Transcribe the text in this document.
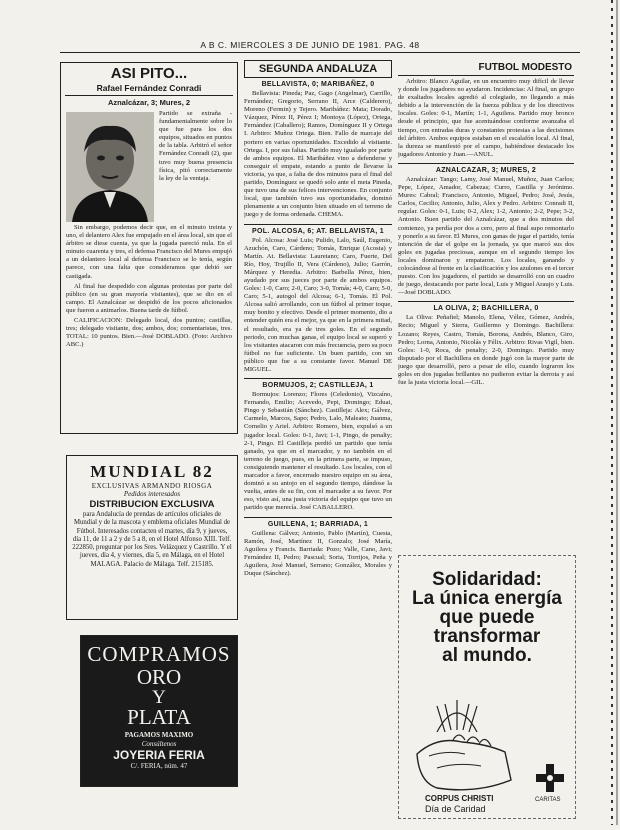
A B C. MIERCOLES 3 DE JUNIO DE 1981. PAG. 48
ASI PITO...
Rafael Fernández Conradi
Aznalcázar, 3; Mures, 2
Partido se extraña fundamentalmente sobre lo que fue para los dos equipos, situados en puntos de la tabla. Arbitró el señor Fernández Conradi (2), que tuvo muy buena presencia física, pitó correctamente la ley de la ventaja.

Sin embargo, podemos decir que, en el minuto treinta y uno, el delantero Alex fue empujado en el área local, sin que el árbitro se diese cuenta, ya que la jugada pareció nula. En el minuto cuarenta y tres, el defensa Francisco del Mures empujó a un delantero local al defensa Francisco se lo tenía, según parece, con una falta que consideramos que debió ser castigada.

Al final fue despedido con algunas protestas por parte del público (en su gran mayoría visitantes), que se dio en el campo. El Aznalcázar se despidió de los pocos aficionados que fueron a animarlos. Buena tarde de fútbol.

CALIFICACION: Delegado local, dos puntos; castillas, tres; delegado visitante, dos; ambos, dos; comentaristas, tres. TOTAL: 10 puntos. Bien.—José DOBLADO. (Foto: Archivo ABC.)

MUNDIAL 82
EXCLUSIVAS ARMANDO RIOSGA
Pedidos interesados
DISTRIBUCION EXCLUSIVA
para Andalucía de prendas de artículos oficiales de Mundial y de la mascota y emblema oficiales Mundial de Fútbol. Interesados contacten el martes, día 9, y jueves, día 11, de 11 a 2 y de 5 a 8, en el Hotel Alfonso XIII. Telf. 222850, preguntar por los Sres. Velázquez y Castrillo. Y el jueves, día 4, y viernes, día 5, en Málaga, en el Hotel MALAGA. Palacio de Málaga. Telf. 215185.
COMPRAMOS
ORO
Y
PLATA
PAGAMOS MAXIMO
Consúltenos
JOYERIA FERIA
C/. FERIA, núm. 47
SEGUNDA ANDALUZA
BELLAVISTA, 0; MARIBAÑEZ, 0

Bellavista: Pineda; Paz, Gago (Angelmar), Carrillo, Fernández; Gregorio, Serrano II, Arce (Calderero), Moreno (Fermin) y Tejero. Maribáñez: Mata; Dorado, Vázquez, Pérez II, Pérez I; Montoya (López), Ortega, Fernández (Caballero); Ramos, Domínguez II y Ortega I. Arbitro: Muñoz Ortega. Bien. Fallo de marcaje del portero en varias oportunidades. Excedido al visitante. Ortega. I, por sus faltas. Partido muy igualado por parte de ambos equipos. El Maribáñez vino a defenderse y conseguir el empate, estando a punto de llevarse la victoria, ya que, a falta de dos minutos para el final del partido, Domínguez se quedó solo ante el meta Pineda, que tuvo una de sus felices intervenciones. En conjunto local, que también tuvo sus oportunidades, dominó plenamente a un conjunto bien situado en el terreno de juego y de forma ordenada. CHEMA.

POL. ALCOSA, 6; AT. BELLAVISTA, 1

Pol. Alcosa: José Luis; Pulido, Lalo, Saúl, Eugenio, Azuchón, Caro, Cárdeno; Tomás, Enrique (Acosta) y Martín. At. Bellavista: Lauretano; Caro, Fuerte, Del Río, Hoy, Trujillo II, Vera (Cárdeno), Julio; Garrón, Márquez y Heredia. Arbitro: Barbella Pérez, bien, ayudado por sus jueces por parte de ambos equipos. Goles: 1-0, Caro; 2-0, Caro; 3-0, Tomás; 4-0, Caro; 5-0, Caro; 5-1, autogol del Alcosa; 6-1, Tomás. El Pol. Alcosa salió arrollando, con un fútbol al primer toque, muy bonito y efectivo. Desde el primer momento, dio a entender quién era el mejor, ya que en la primera mitad, el resultado, era ya de tres goles. En el segundo periodo, con muchas ganas, el equipo local se superó y los visitantes atacaron con más frecuencia, pero su poco fútbol no fue suficiente. Un buen partido, con un público que fue a su constante favor. Manuel DE MIGUEL.

BORMUJOS, 2; CASTILLEJA, 1

Bormujos: Lorenzo; Flores (Celedonio), Vizcaíno, Fernando, Emilio; Acevedo, Pepi, Domingo; Eduai, Pingo y Sebastián (Sánchez). Castilleja: Alex; Gálvez, Carmelo, Marcos, Sapo; Pedro, Lalo, Maleato; Juanma, Cornelio y Ariel. Arbitro: Romero, bien, expulsó a un jugador local. Goles: 0-1, Javi; 1-1, Pingo, de penalty; 2-1, Pingo. El Castilleja perdió un partido que tenía ganado, ya que en el marcador, y no también en el terreno de juego, pues, en la primera parte, se impuso, consiguiendo mantener el resultado. Los locales, con el marcador a favor, encerrado nuestro equipo en su área, dominó a su antojo en el segundo tiempo, dándose la vuelta, antes de su fin, con el marcador a su favor. Por eso, visto así, una justa victoria del equipo que tuvo un partido que merecía. José CABALLERO.

GUILLENA, 1; BARRIADA, 1

Guillena: Gálvez; Antonio, Pablo (Martín), Cuesta, Ramón, José, Martínez II, Gonzalo; José María, Aguilera y Francis. Barriada: Pozo; Valle, Cano, Javi; Fernández II, Pedro; Pascual; Soria, Torrijos, Peña y Aguilera, José Manuel, Serrano; González, Morales y Duque (Sánchez).

FUTBOL MODESTO

Arbitro: Blanco Aguilar, en un encuentro muy difícil de llevar y donde los jugadores no ayudaron. Incidencias: Al final, un grupo de exaltados locales agredió al colegiado, no llegando a más debido a la intervención de la fuerza pública y de los directivos locales. Goles: 0-1, Martín; 1-1, Aguilera. Partido muy bronco desde el principio, que fue acentuándose conforme avanzaba el tiempo, con entradas duras y constantes protestas a las decisiones del árbitro. Ambos equipos estaban en el escalafón local. Al final, la dureza se manifestó por el campo, habiéndose destacado los jugadores Antonio y Juan.—ANUL.

AZNALCAZAR, 3; MURES, 2

Aznalcázar: Tango; Lamy, José Manuel, Muñoz, Juan Carlos; Pepe, López, Amador, Cabezas; Curro, Castilla y Jerónimo. Mures: Cabral; Francisco, Antonio, Miguel, Pedro; José, Jesús, Carlos, Cecilio; Antonio, Julio, Alex y Pedro. Arbitro: Conradi II, regular. Goles: 0-1, Luis; 0-2, Alex; 1-2, Antonio; 2-2, Pepe; 3-2, Antonio. Buen partido del Aznalcázar, que a dos minutos del comienzo, ya perdía por dos a cero, pero al final supo remontarlo y ponerlo a su favor. El Mures, con ganas de jugar el partido, tenía intención de dar el golpe en la jornada, ya que marcó sus dos goles en jugadas preciosas, aunque en el segundo tiempo los locales dominaron y empataron. Los locales, ganando y colocándose al frente en la clasificación y los azulones en el tercer puesto. Con los jugadores, el partido se desarrolló con un cuadro de juego, destacando por parte local, Luis y Miguel Araujo y Luis.—José DOBLADO.

LA OLIVA, 2; BACHILLERA, 0

La Oliva: Peñafiel; Manolo, Elena, Vélez, Gómez, Andrés, Recio; Miguel y Sierra, Guillermo y Domingo. Bachillera: Lozano; Reyes, Castro, Tomás, Borona, Andrés, Blanco, Giro, Pedro; Lorna, Antonio, Nicolás y Félix. Arbitro: Rivas Vigil, bien. Goles: 1-0, Roca, de penalty; 2-0, Domingo. Partido muy disputado por el Bachillera en donde jugó con la mayor parte de juego que desarrolló, pero a pesar de ello, cuando lograron los goles en dos jugadas brillantes no pudieron evitar la derrota y así fue la justa victoria local.—GIL.

Solidaridad:
La única energía
que puede
transformar
al mundo.
CORPUS CHRISTI
Día de Caridad
CARITAS
